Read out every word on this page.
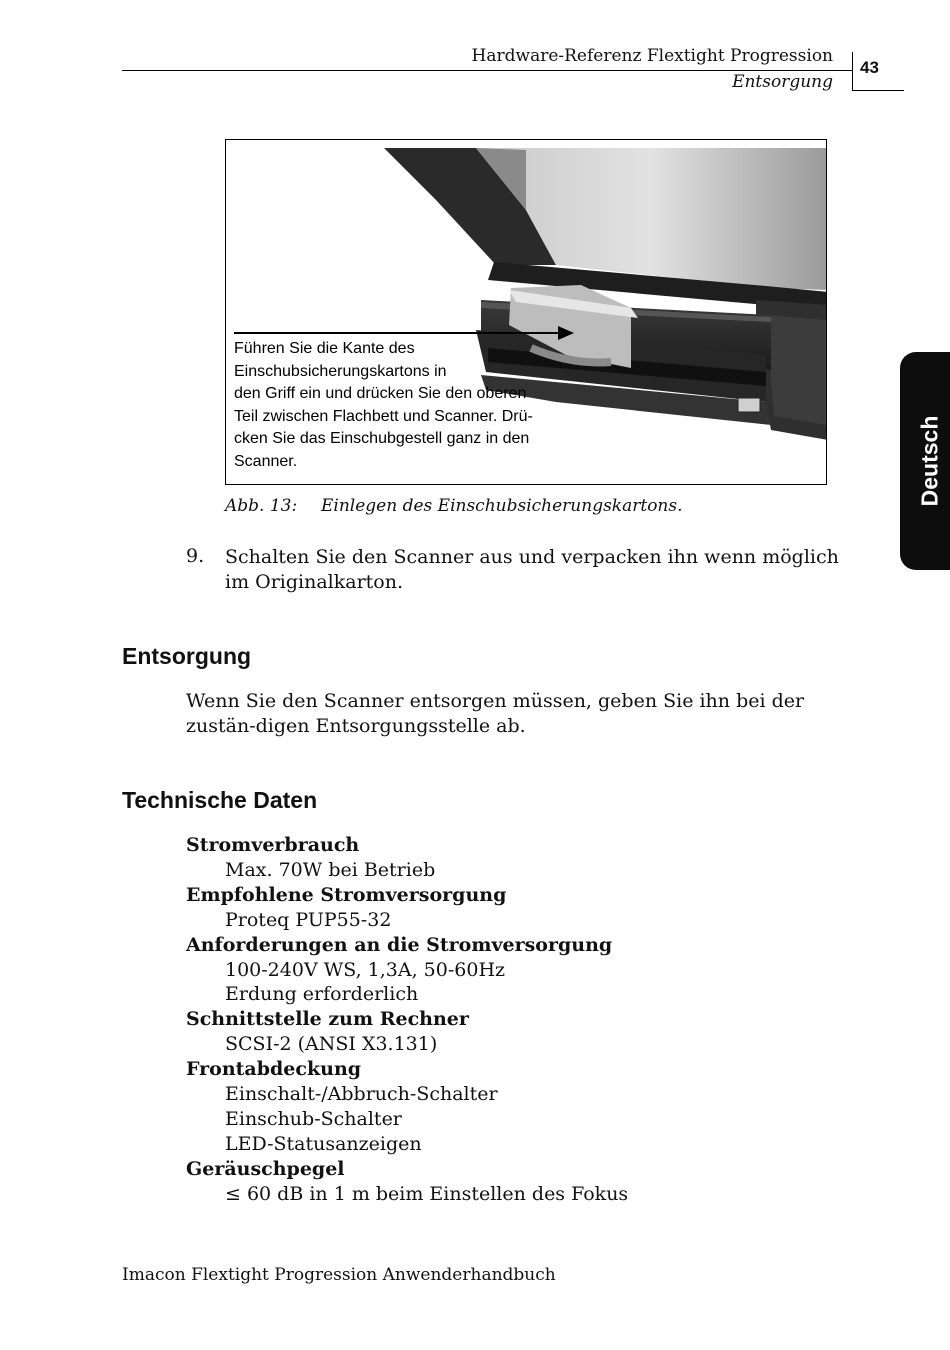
Hardware-Referenz Flextight Progression
Entsorgung
43
Deutsch
Führen Sie die Kante des
Einschubsicherungskartons in
den Griff ein und drücken Sie den oberen
Teil zwischen Flachbett und Scanner. Drü-
cken Sie das Einschubgestell ganz in den
Scanner.
Abb. 13: Einlegen des Einschubsicherungskartons.
9. Schalten Sie den Scanner aus und verpacken ihn wenn möglich im Originalkarton.
Entsorgung
Wenn Sie den Scanner entsorgen müssen, geben Sie ihn bei der zustän-digen Entsorgungsstelle ab.
Technische Daten
Stromverbrauch
Max. 70W bei Betrieb
Empfohlene Stromversorgung
Proteq PUP55-32
Anforderungen an die Stromversorgung
100-240V WS, 1,3A, 50-60Hz
Erdung erforderlich
Schnittstelle zum Rechner
SCSI-2 (ANSI X3.131)
Frontabdeckung
Einschalt-/Abbruch-Schalter
Einschub-Schalter
LED-Statusanzeigen
Geräuschpegel
≤ 60 dB in 1 m beim Einstellen des Fokus
Imacon Flextight Progression Anwenderhandbuch
